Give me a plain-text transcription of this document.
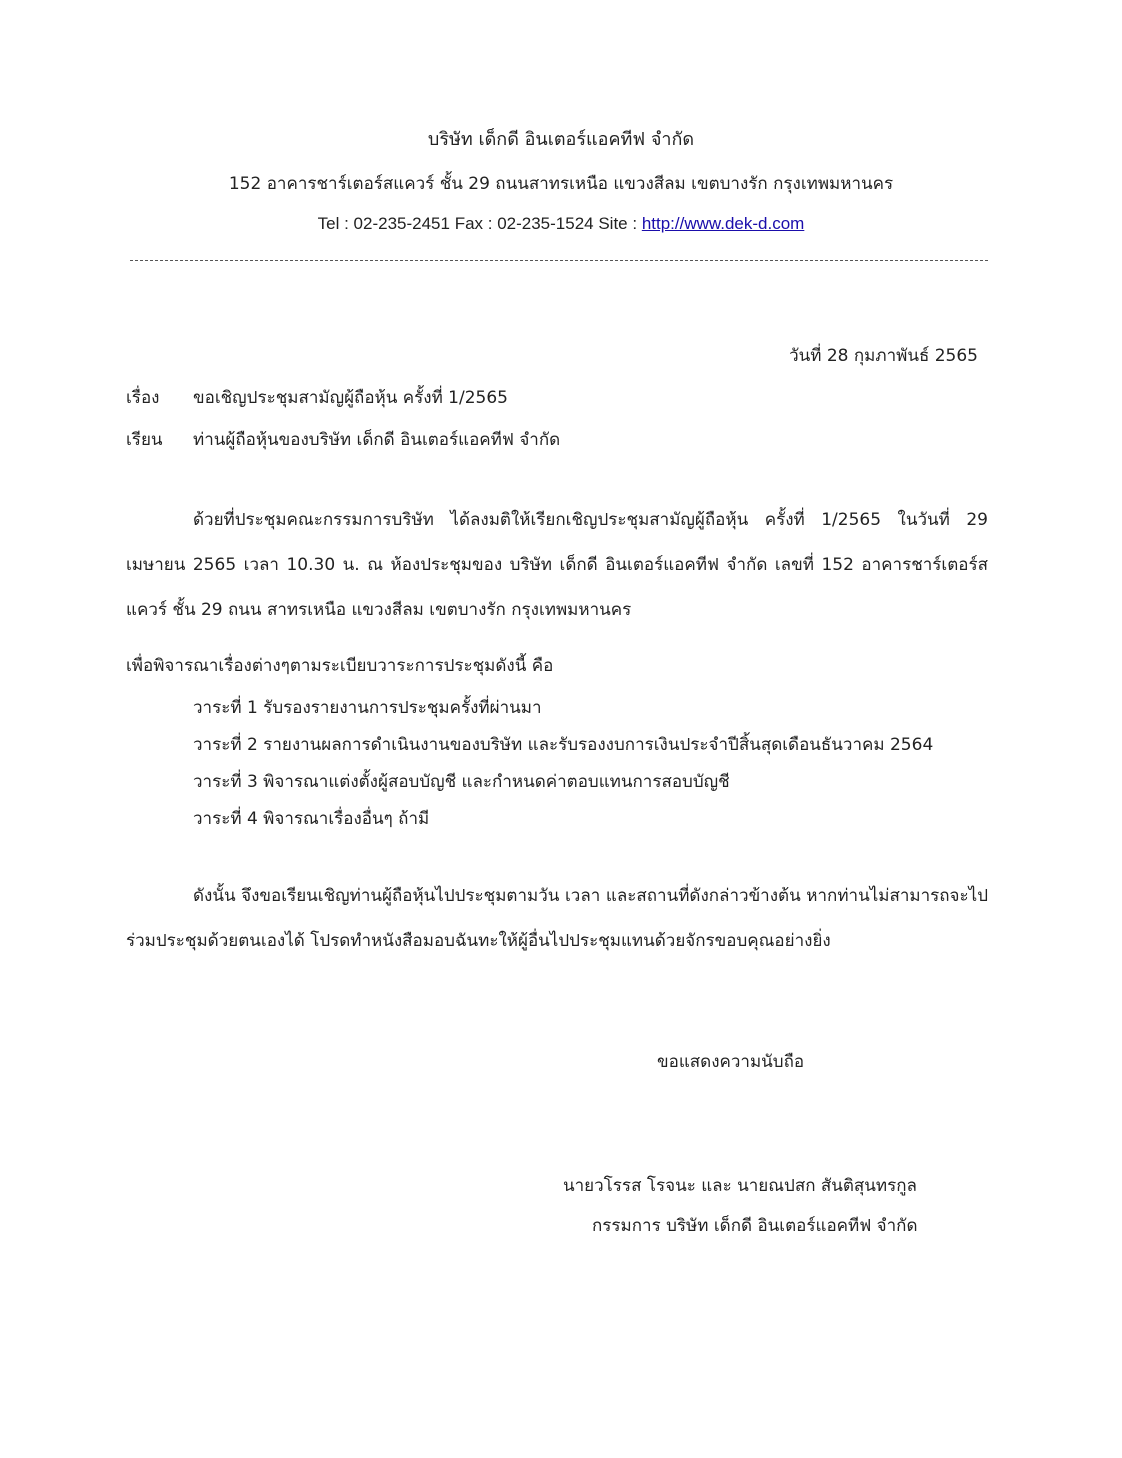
บริษัท เด็กดี อินเตอร์แอคทีฟ จำกัด
152 อาคารชาร์เตอร์สแควร์ ชั้น 29 ถนนสาทรเหนือ แขวงสีลม เขตบางรัก กรุงเทพมหานคร
Tel : 02-235-2451 Fax : 02-235-1524 Site : http://www.dek-d.com
วันที่ 28 กุมภาพันธ์ 2565
เรื่อง ขอเชิญประชุมสามัญผู้ถือหุ้น ครั้งที่ 1/2565
เรียน ท่านผู้ถือหุ้นของบริษัท เด็กดี อินเตอร์แอคทีฟ จำกัด
ด้วยที่ประชุมคณะกรรมการบริษัท ได้ลงมติให้เรียกเชิญประชุมสามัญผู้ถือหุ้น ครั้งที่ 1/2565 ในวันที่ 29 เมษายน 2565 เวลา 10.30 น. ณ ห้องประชุมของ บริษัท เด็กดี อินเตอร์แอคทีฟ จำกัด เลขที่ 152 อาคารชาร์เตอร์สแควร์ ชั้น 29 ถนน สาทรเหนือ แขวงสีลม เขตบางรัก กรุงเทพมหานคร
เพื่อพิจารณาเรื่องต่างๆตามระเบียบวาระการประชุมดังนี้ คือ
วาระที่ 1 รับรองรายงานการประชุมครั้งที่ผ่านมา
วาระที่ 2 รายงานผลการดำเนินงานของบริษัท และรับรองงบการเงินประจำปีสิ้นสุดเดือนธันวาคม 2564
วาระที่ 3 พิจารณาแต่งตั้งผู้สอบบัญชี และกำหนดค่าตอบแทนการสอบบัญชี
วาระที่ 4 พิจารณาเรื่องอื่นๆ ถ้ามี
ดังนั้น จึงขอเรียนเชิญท่านผู้ถือหุ้นไปประชุมตามวัน เวลา และสถานที่ดังกล่าวข้างต้น หากท่านไม่สามารถจะไป ร่วมประชุมด้วยตนเองได้ โปรดทำหนังสือมอบฉันทะให้ผู้อื่นไปประชุมแทนด้วยจักรขอบคุณอย่างยิ่ง
ขอแสดงความนับถือ
นายวโรรส โรจนะ และ นายณปสก สันติสุนทรกูล
กรรมการ บริษัท เด็กดี อินเตอร์แอคทีฟ จำกัด
